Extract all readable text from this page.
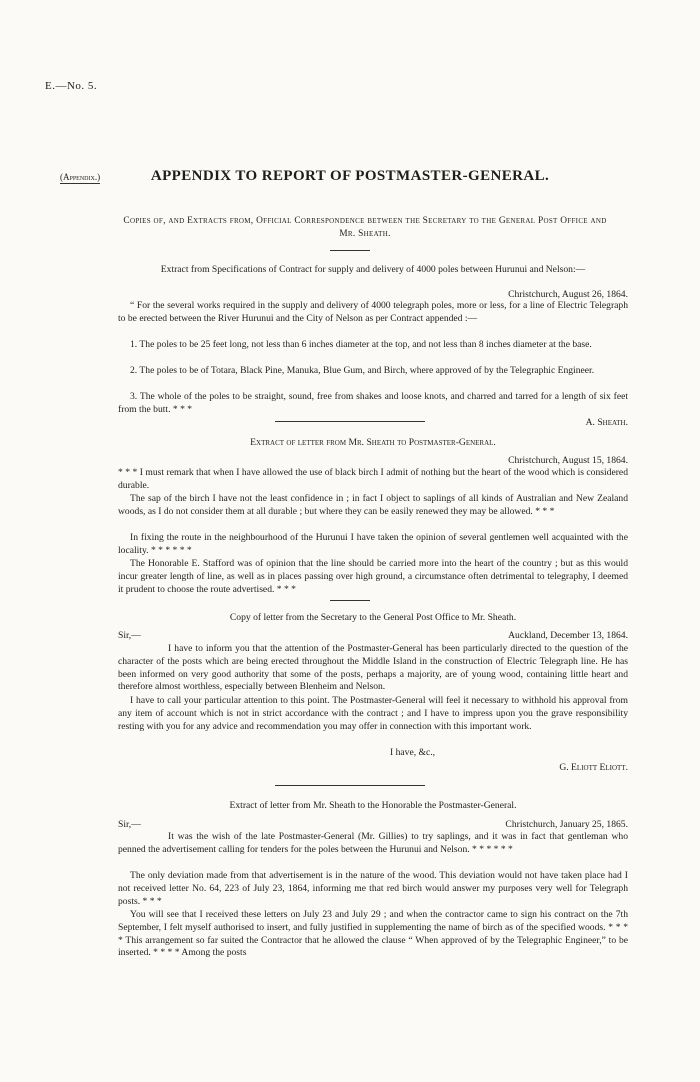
E.—No. 5.
(Appendix.)	APPENDIX TO REPORT OF POSTMASTER-GENERAL.
Copies of, and Extracts from, Official Correspondence between the Secretary to the General Post Office and Mr. Sheath.
Extract from Specifications of Contract for supply and delivery of 4000 poles between Hurunui and Nelson:—
Christchurch, August 26, 1864.
“ For the several works required in the supply and delivery of 4000 telegraph poles, more or less, for a line of Electric Telegraph to be erected between the River Hurunui and the City of Nelson as per Contract appended :—
1. The poles to be 25 feet long, not less than 6 inches diameter at the top, and not less than 8 inches diameter at the base.
2. The poles to be of Totara, Black Pine, Manuka, Blue Gum, and Birch, where approved of by the Telegraphic Engineer.
3. The whole of the poles to be straight, sound, free from shakes and loose knots, and charred and tarred for a length of six feet from the butt. * * *
A. Sheath.
Extract of letter from Mr. Sheath to Postmaster-General.
Christchurch, August 15, 1864.
* * * I must remark that when I have allowed the use of black birch I admit of nothing but the heart of the wood which is considered durable.
The sap of the birch I have not the least confidence in ; in fact I object to saplings of all kinds of Australian and New Zealand woods, as I do not consider them at all durable ; but where they can be easily renewed they may be allowed. * * *
In fixing the route in the neighbourhood of the Hurunui I have taken the opinion of several gentlemen well acquainted with the locality. * * * * * *
The Honorable E. Stafford was of opinion that the line should be carried more into the heart of the country ; but as this would incur greater length of line, as well as in places passing over high ground, a circumstance often detrimental to telegraphy, I deemed it prudent to choose the route advertised. * * *
Copy of letter from the Secretary to the General Post Office to Mr. Sheath.
Sir,—	Auckland, December 13, 1864.
I have to inform you that the attention of the Postmaster-General has been particularly directed to the question of the character of the posts which are being erected throughout the Middle Island in the construction of Electric Telegraph line. He has been informed on very good authority that some of the posts, perhaps a majority, are of young wood, containing little heart and therefore almost worthless, especially between Blenheim and Nelson.
I have to call your particular attention to this point. The Postmaster-General will feel it necessary to withhold his approval from any item of account which is not in strict accordance with the contract ; and I have to impress upon you the grave responsibility resting with you for any advice and recommendation you may offer in connection with this important work.
I have, &c.,
G. Eliott Eliott.
Extract of letter from Mr. Sheath to the Honorable the Postmaster-General.
Sir,—	Christchurch, January 25, 1865.
It was the wish of the late Postmaster-General (Mr. Gillies) to try saplings, and it was in fact that gentleman who penned the advertisement calling for tenders for the poles between the Hurunui and Nelson. * * * * * *
The only deviation made from that advertisement is in the nature of the wood. This deviation would not have taken place had I not received letter No. 64, 223 of July 23, 1864, informing me that red birch would answer my purposes very well for Telegraph posts. * * *
You will see that I received these letters on July 23 and July 29 ; and when the contractor came to sign his contract on the 7th September, I felt myself authorised to insert, and fully justified in supplementing the name of birch as of the specified woods. * * * * This arrangement so far suited the Contractor that he allowed the clause “ When approved of by the Telegraphic Engineer,” to be inserted. * * * * Among the posts
